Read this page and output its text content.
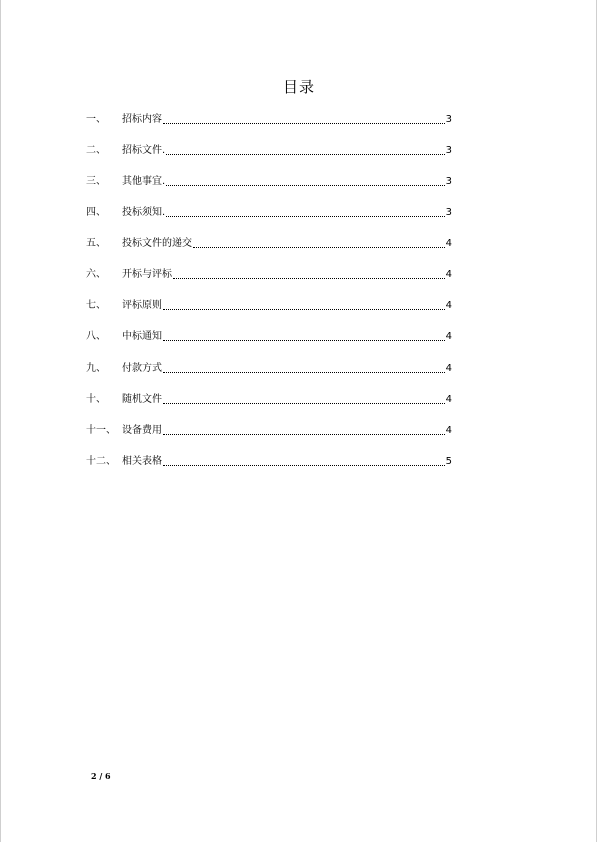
目录
一、	招标内容	3
二、	招标文件.	3
三、	其他事宜.	3
四、	投标须知.	3
五、	投标文件的递交	4
六、	开标与评标	4
七、	评标原则	4
八、	中标通知	4
九、	付款方式	4
十、	随机文件	4
十一、 设备费用	4
十二、 相关表格	5
2 / 6
